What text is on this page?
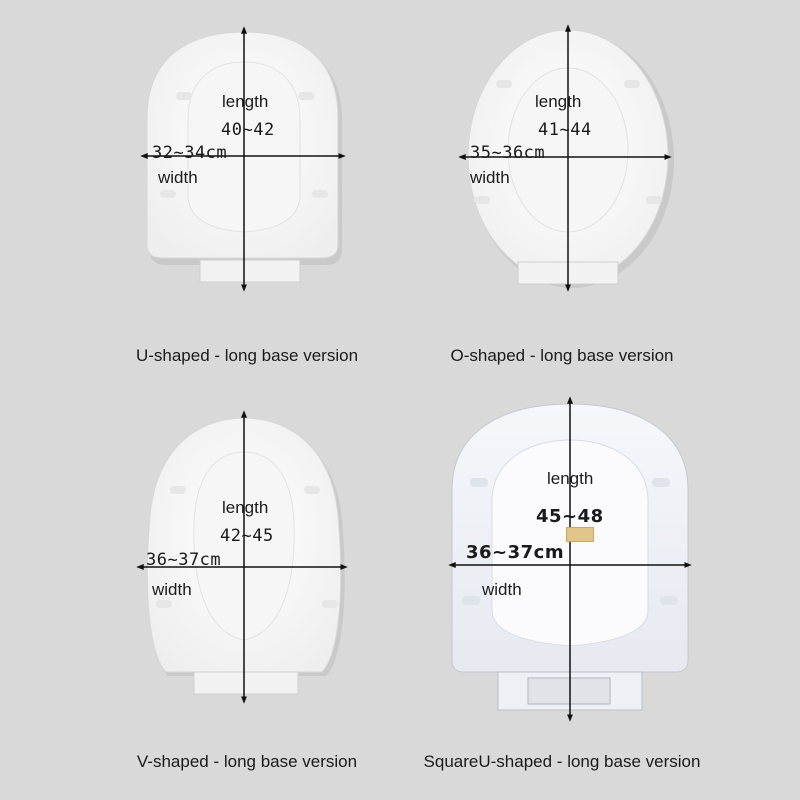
length
40~42
32~34cm
width
U-shaped - long base version
length
41~44
35~36cm
width
O-shaped - long base version
length
42~45
36~37cm
width
V-shaped - long base version
length
45~48
36~37cm
width
SquareU-shaped - long base version
